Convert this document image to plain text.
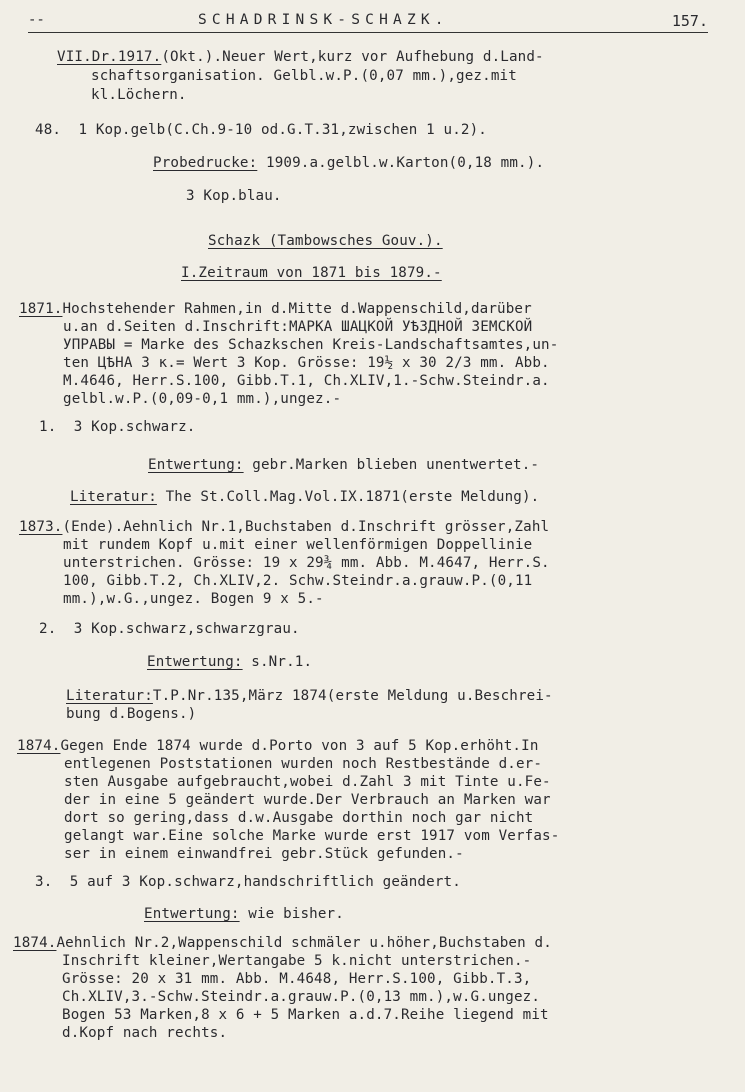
--	SCHADRINSK-SCHAZK.	157.
VII.Dr.1917.(Okt.).Neuer Wert,kurz vor Aufhebung d.Land-
schaftsorganisation. Gelbl.w.P.(0,07 mm.),gez.mit
kl.Löchern.
48.  1 Kop.gelb(C.Ch.9-10 od.G.T.31,zwischen 1 u.2).
Probedrucke: 1909.a.gelbl.w.Karton(0,18 mm.).
3 Kop.blau.
Schazk (Tambowsches Gouv.).
I.Zeitraum von 1871 bis 1879.-
1871.Hochstehender Rahmen,in d.Mitte d.Wappenschild,darüber
u.an d.Seiten d.Inschrift:МАРКА ШАЦКОЙ УѢЗДНОЙ ЗЕМСКОЙ
УПРАВЫ = Marke des Schazkschen Kreis-Landschaftsamtes,un-
ten ЦѢНА 3 к.= Wert 3 Kop. Grösse: 19½ x 30 2/3 mm. Abb.
M.4646, Herr.S.100, Gibb.T.1, Ch.XLIV,1.-Schw.Steindr.a.
gelbl.w.P.(0,09-0,1 mm.),ungez.-
1.  3 Kop.schwarz.
Entwertung: gebr.Marken blieben unentwertet.-
Literatur: The St.Coll.Mag.Vol.IX.1871(erste Meldung).
1873.(Ende).Aehnlich Nr.1,Buchstaben d.Inschrift grösser,Zahl
mit rundem Kopf u.mit einer wellenförmigen Doppellinie
unterstrichen. Grösse: 19 x 29¾ mm. Abb. M.4647, Herr.S.
100, Gibb.T.2, Ch.XLIV,2. Schw.Steindr.a.grauw.P.(0,11
mm.),w.G.,ungez. Bogen 9 x 5.-
2.  3 Kop.schwarz,schwarzgrau.
Entwertung: s.Nr.1.
Literatur:T.P.Nr.135,März 1874(erste Meldung u.Beschrei-
bung d.Bogens.)
1874.Gegen Ende 1874 wurde d.Porto von 3 auf 5 Kop.erhöht.In
entlegenen Poststationen wurden noch Restbestände d.er-
sten Ausgabe aufgebraucht,wobei d.Zahl 3 mit Tinte u.Fe-
der in eine 5 geändert wurde.Der Verbrauch an Marken war
dort so gering,dass d.w.Ausgabe dorthin noch gar nicht
gelangt war.Eine solche Marke wurde erst 1917 vom Verfas-
ser in einem einwandfrei gebr.Stück gefunden.-
3.  5 auf 3 Kop.schwarz,handschriftlich geändert.
Entwertung: wie bisher.
1874.Aehnlich Nr.2,Wappenschild schmäler u.höher,Buchstaben d.
Inschrift kleiner,Wertangabe 5 k.nicht unterstrichen.-
Grösse: 20 x 31 mm. Abb. M.4648, Herr.S.100, Gibb.T.3,
Ch.XLIV,3.-Schw.Steindr.a.grauw.P.(0,13 mm.),w.G.ungez.
Bogen 53 Marken,8 x 6 + 5 Marken a.d.7.Reihe liegend mit
d.Kopf nach rechts.
